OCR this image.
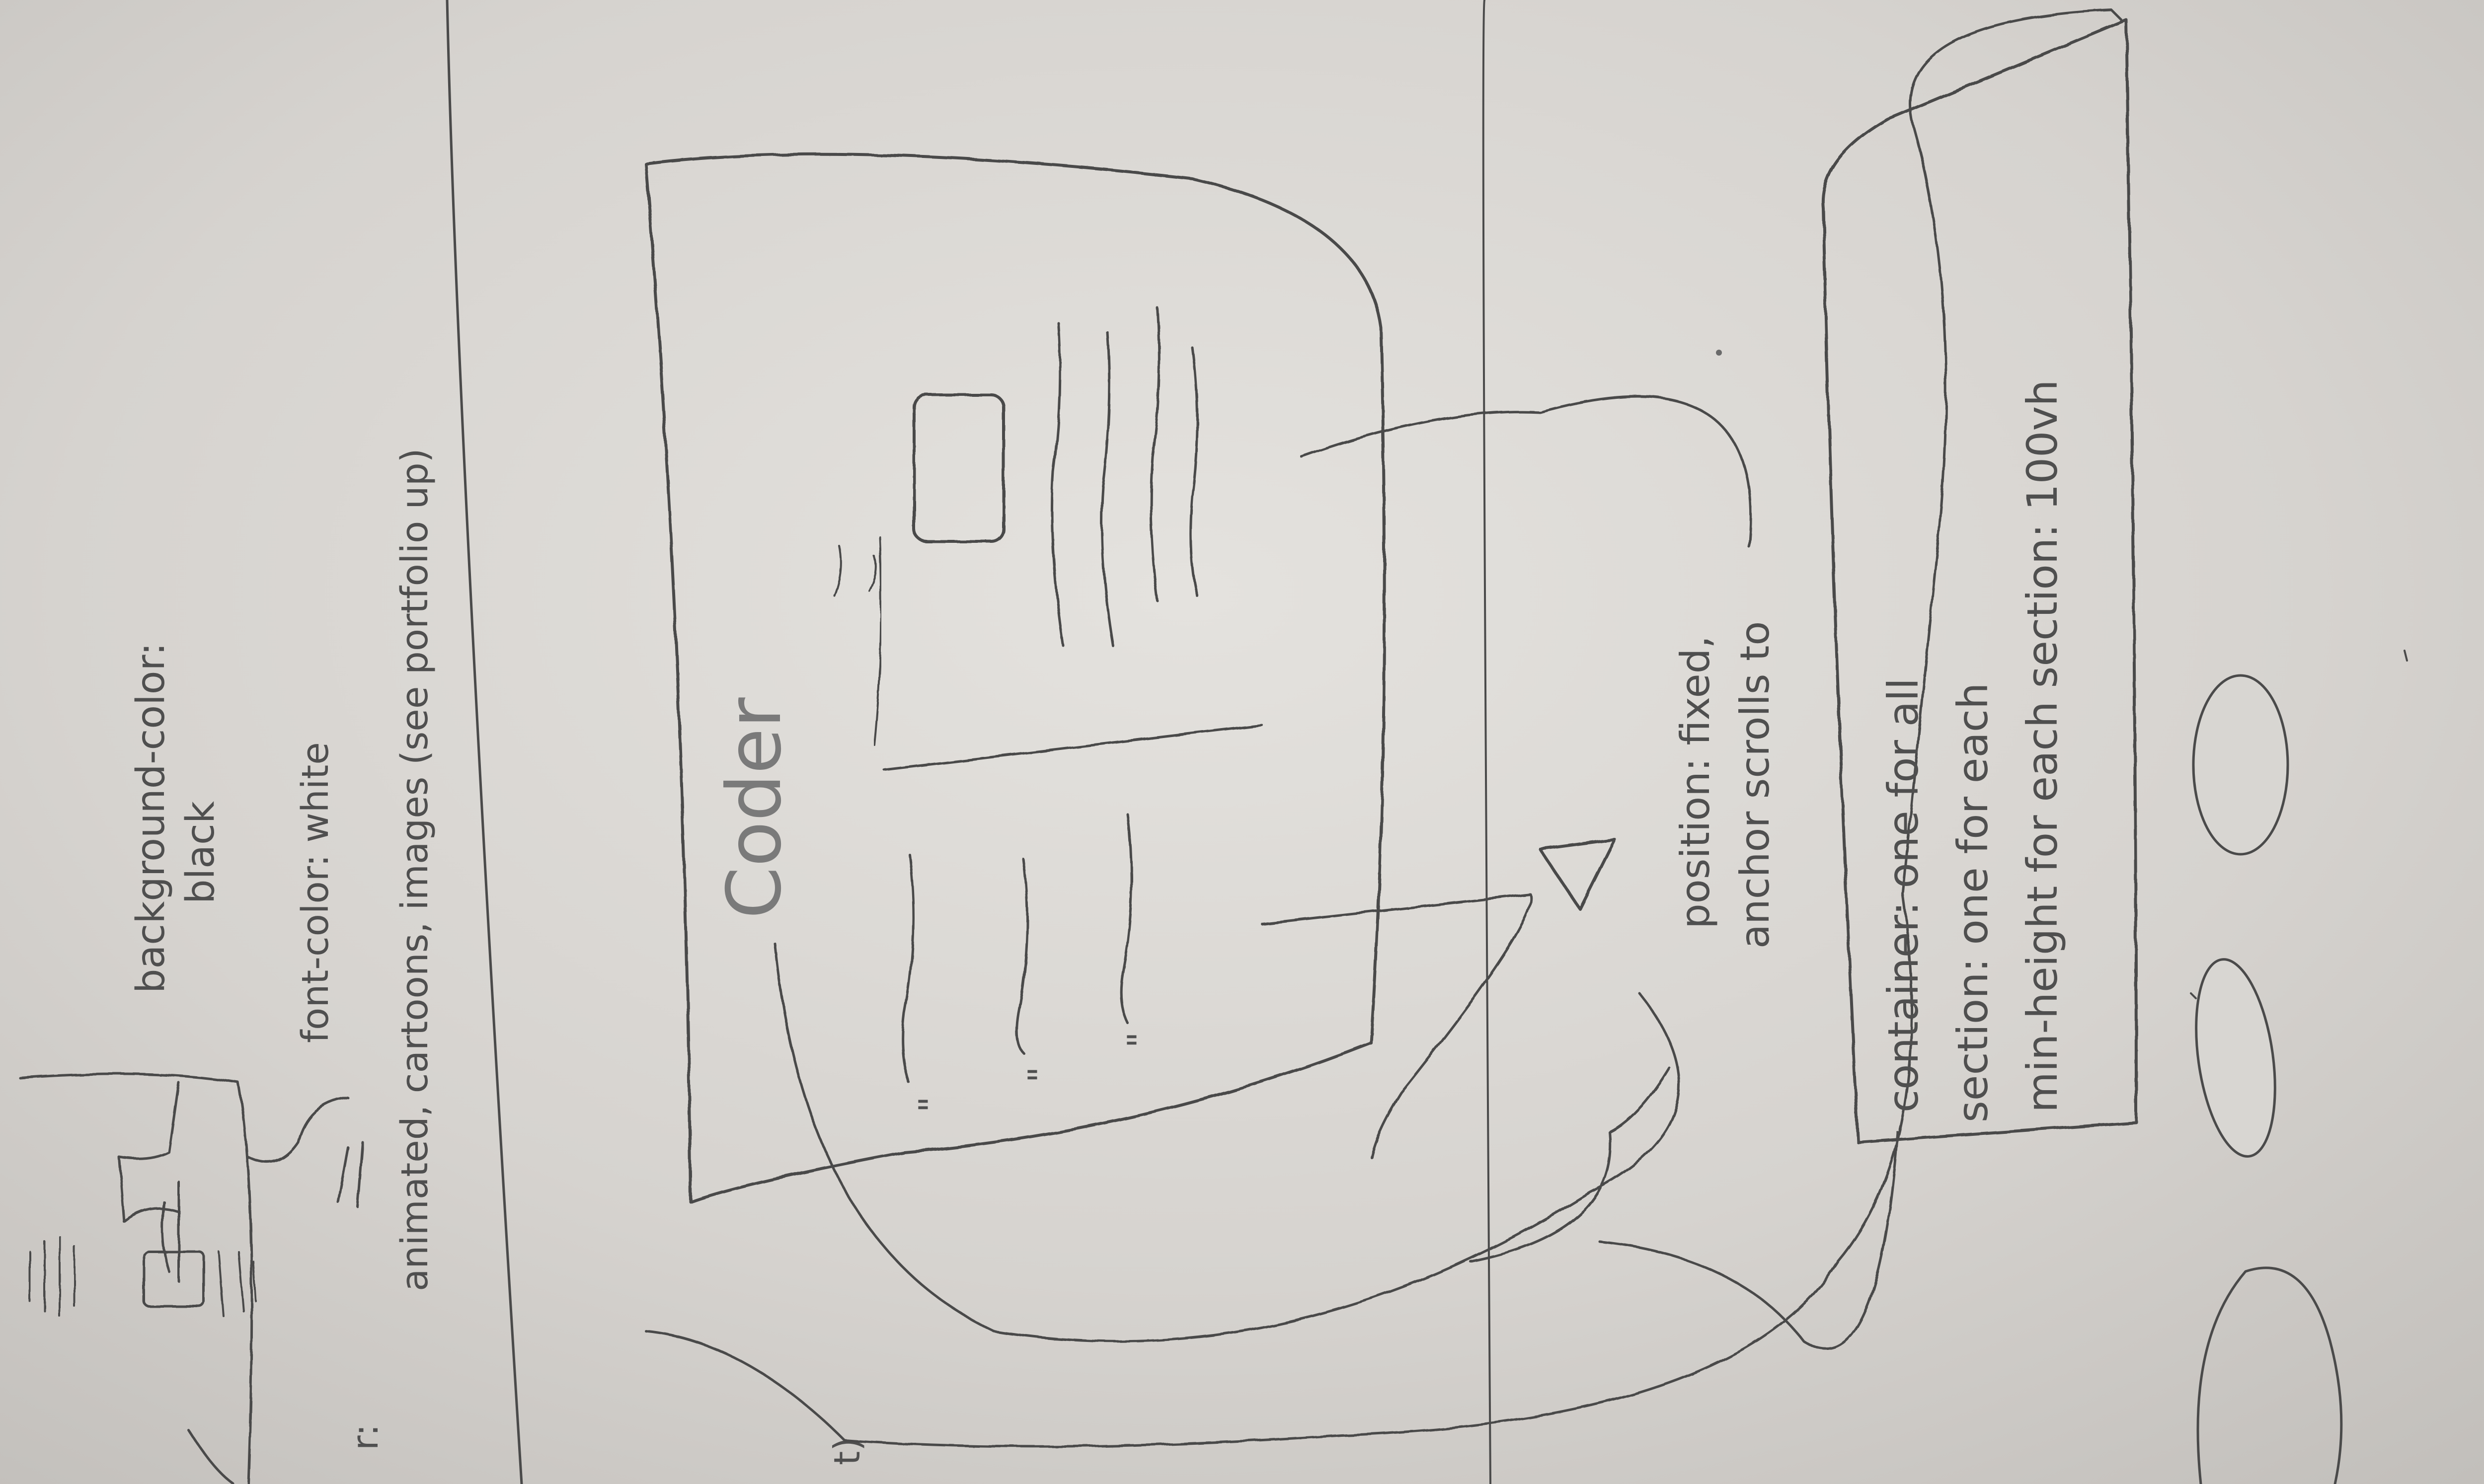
background-color: black font-color: white animated, cartoons, images (see portfolio up)
r:	t)
Coder
"
"
"
position: fixed, anchor scrolls to container: one for all section: one for each min-height for each section: 100vh
